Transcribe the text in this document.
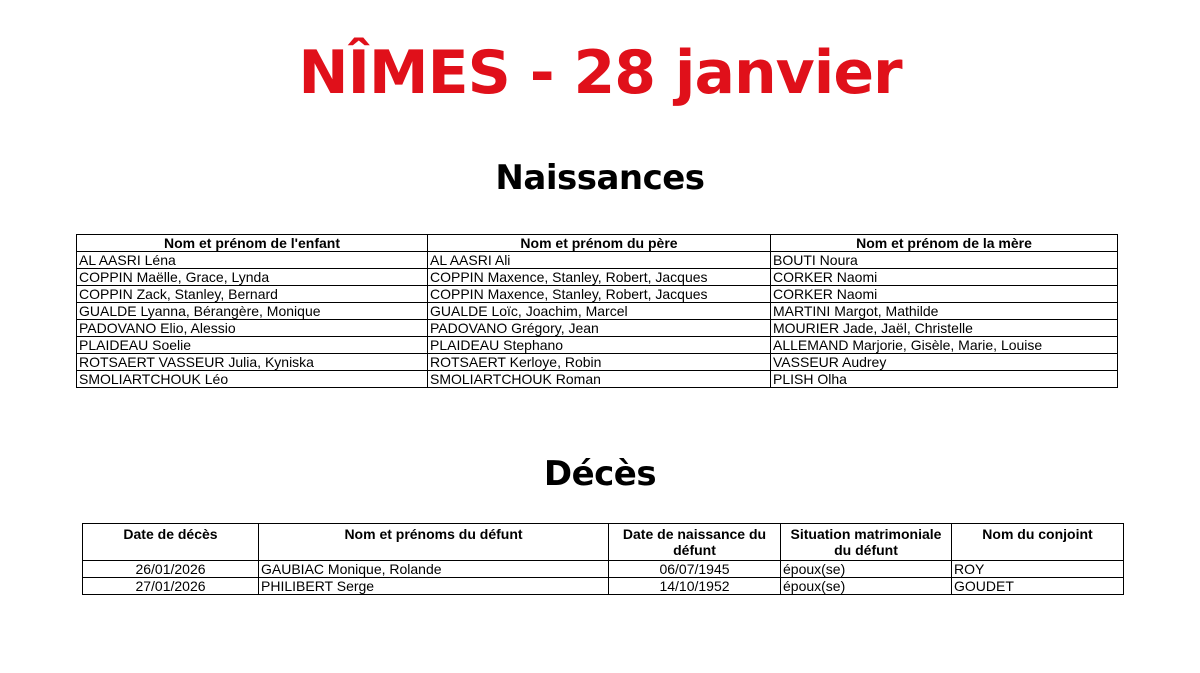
NÎMES - 28 janvier
Naissances
Nom et prénom de l'enfant	Nom et prénom du père	Nom et prénom de la mère
AL AASRI Léna	AL AASRI Ali	BOUTI Noura
COPPIN Maëlle, Grace, Lynda	COPPIN Maxence, Stanley, Robert, Jacques	CORKER Naomi
COPPIN Zack, Stanley, Bernard	COPPIN Maxence, Stanley, Robert, Jacques	CORKER Naomi
GUALDE Lyanna, Bérangère, Monique	GUALDE Loïc, Joachim, Marcel	MARTINI Margot, Mathilde
PADOVANO Elio, Alessio	PADOVANO Grégory, Jean	MOURIER Jade, Jaël, Christelle
PLAIDEAU Soelie	PLAIDEAU Stephano	ALLEMAND Marjorie, Gisèle, Marie, Louise
ROTSAERT VASSEUR Julia, Kyniska	ROTSAERT Kerloye, Robin	VASSEUR Audrey
SMOLIARTCHOUK Léo	SMOLIARTCHOUK Roman	PLISH Olha
Décès
Date de décès	Nom et prénoms du défunt	Date de naissance du défunt	Situation matrimoniale du défunt	Nom du conjoint
26/01/2026	GAUBIAC Monique, Rolande	06/07/1945	époux(se)	ROY
27/01/2026	PHILIBERT Serge	14/10/1952	époux(se)	GOUDET
